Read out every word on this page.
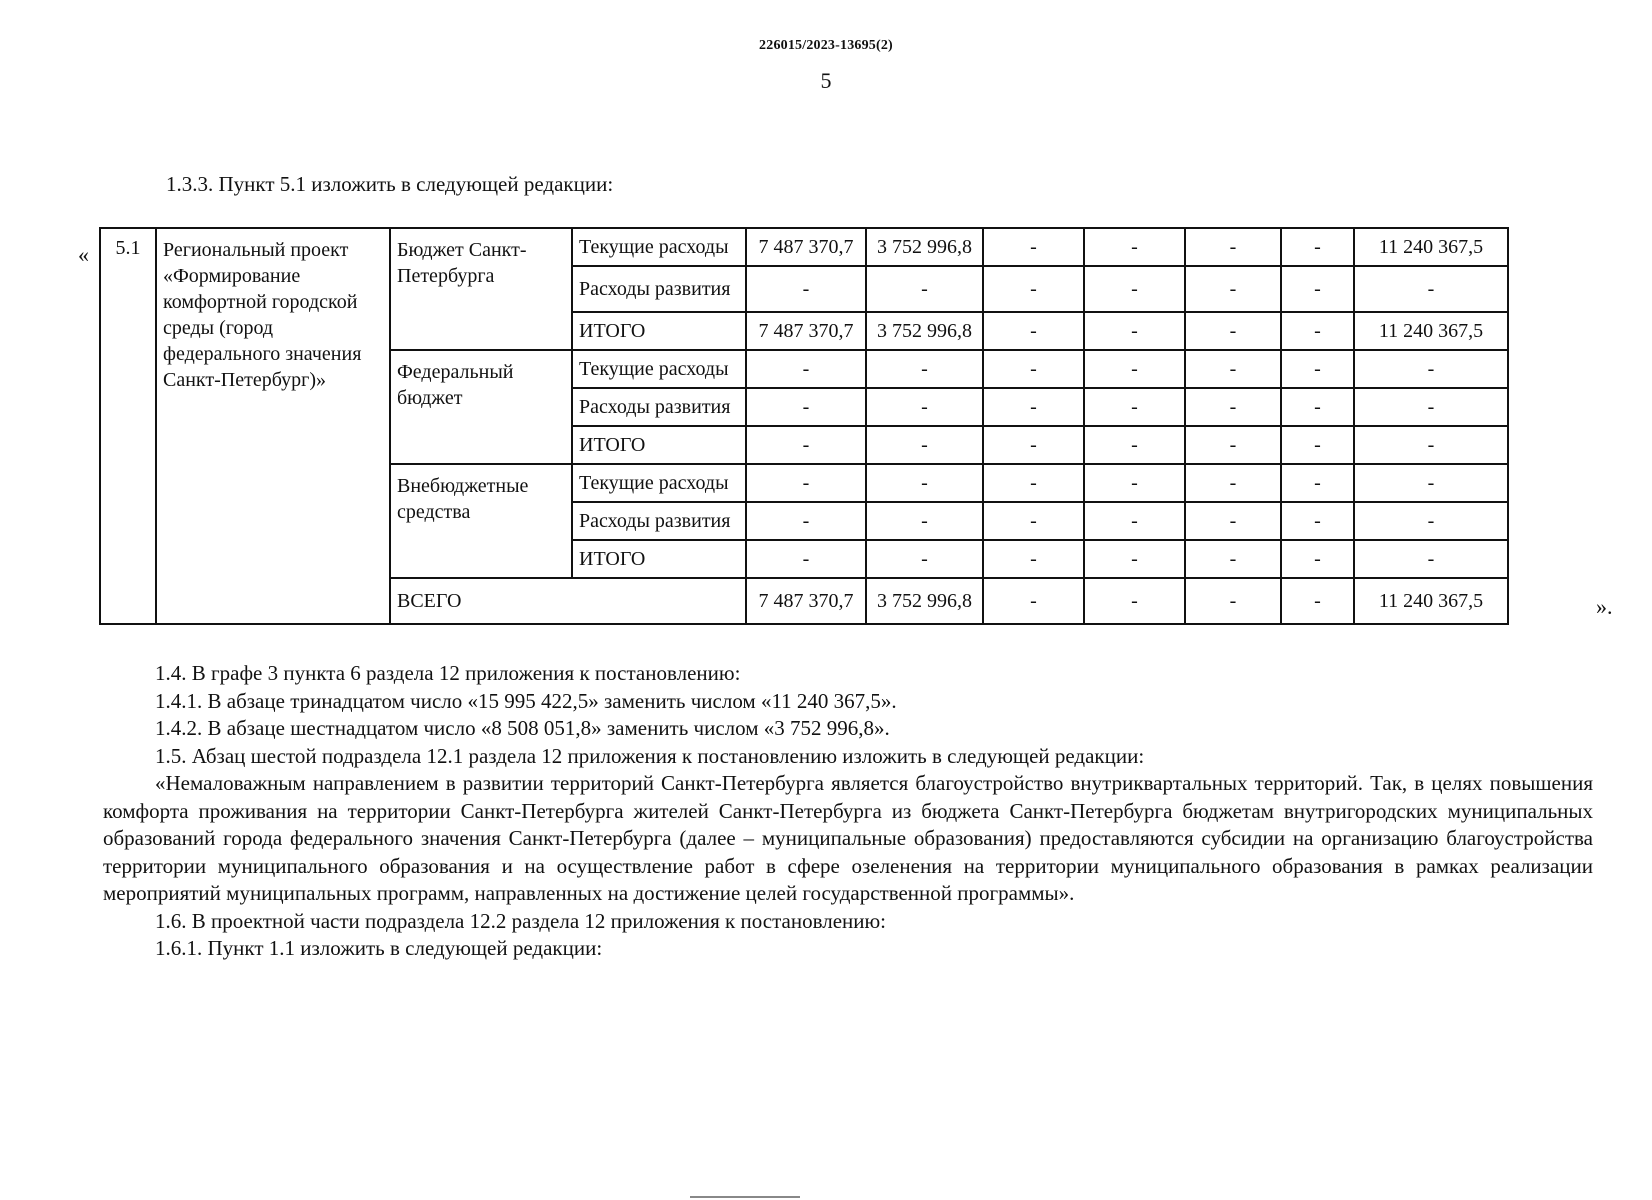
226015/2023-13695(2)
5
1.3.3. Пункт 5.1 изложить в следующей редакции:
«
».
5.1	Региональный проект «Формирование комфортной городской среды (город федерального значения Санкт-Петербург)»	Бюджет Санкт-Петербурга	Текущие расходы	7 487 370,7	3 752 996,8	-	-	-	-	11 240 367,5
			Расходы развития	-	-	-	-	-	-	-
			ИТОГО	7 487 370,7	3 752 996,8	-	-	-	-	11 240 367,5
		Федеральный бюджет	Текущие расходы	-	-	-	-	-	-	-
			Расходы развития	-	-	-	-	-	-	-
			ИТОГО	-	-	-	-	-	-	-
		Внебюджетные средства	Текущие расходы	-	-	-	-	-	-	-
			Расходы развития	-	-	-	-	-	-	-
			ИТОГО	-	-	-	-	-	-	-
		ВСЕГО		7 487 370,7	3 752 996,8	-	-	-	-	11 240 367,5

1.4. В графе 3 пункта 6 раздела 12 приложения к постановлению:

1.4.1. В абзаце тринадцатом число «15 995 422,5» заменить числом «11 240 367,5».

1.4.2. В абзаце шестнадцатом число «8 508 051,8» заменить числом «3 752 996,8».

1.5. Абзац шестой подраздела 12.1 раздела 12 приложения к постановлению изложить в следующей редакции:

«Немаловажным направлением в развитии территорий Санкт-Петербурга является благоустройство внутриквартальных территорий. Так, в целях повышения комфорта проживания на территории Санкт-Петербурга жителей Санкт-Петербурга из бюджета Санкт-Петербурга бюджетам внутригородских муниципальных образований города федерального значения Санкт-Петербурга (далее – муниципальные образования) предоставляются субсидии на организацию благоустройства территории муниципального образования и на осуществление работ в сфере озеленения на территории муниципального образования в рамках реализации мероприятий муниципальных программ, направленных на достижение целей государственной программы».

1.6. В проектной части подраздела 12.2 раздела 12 приложения к постановлению:

1.6.1. Пункт 1.1 изложить в следующей редакции:
